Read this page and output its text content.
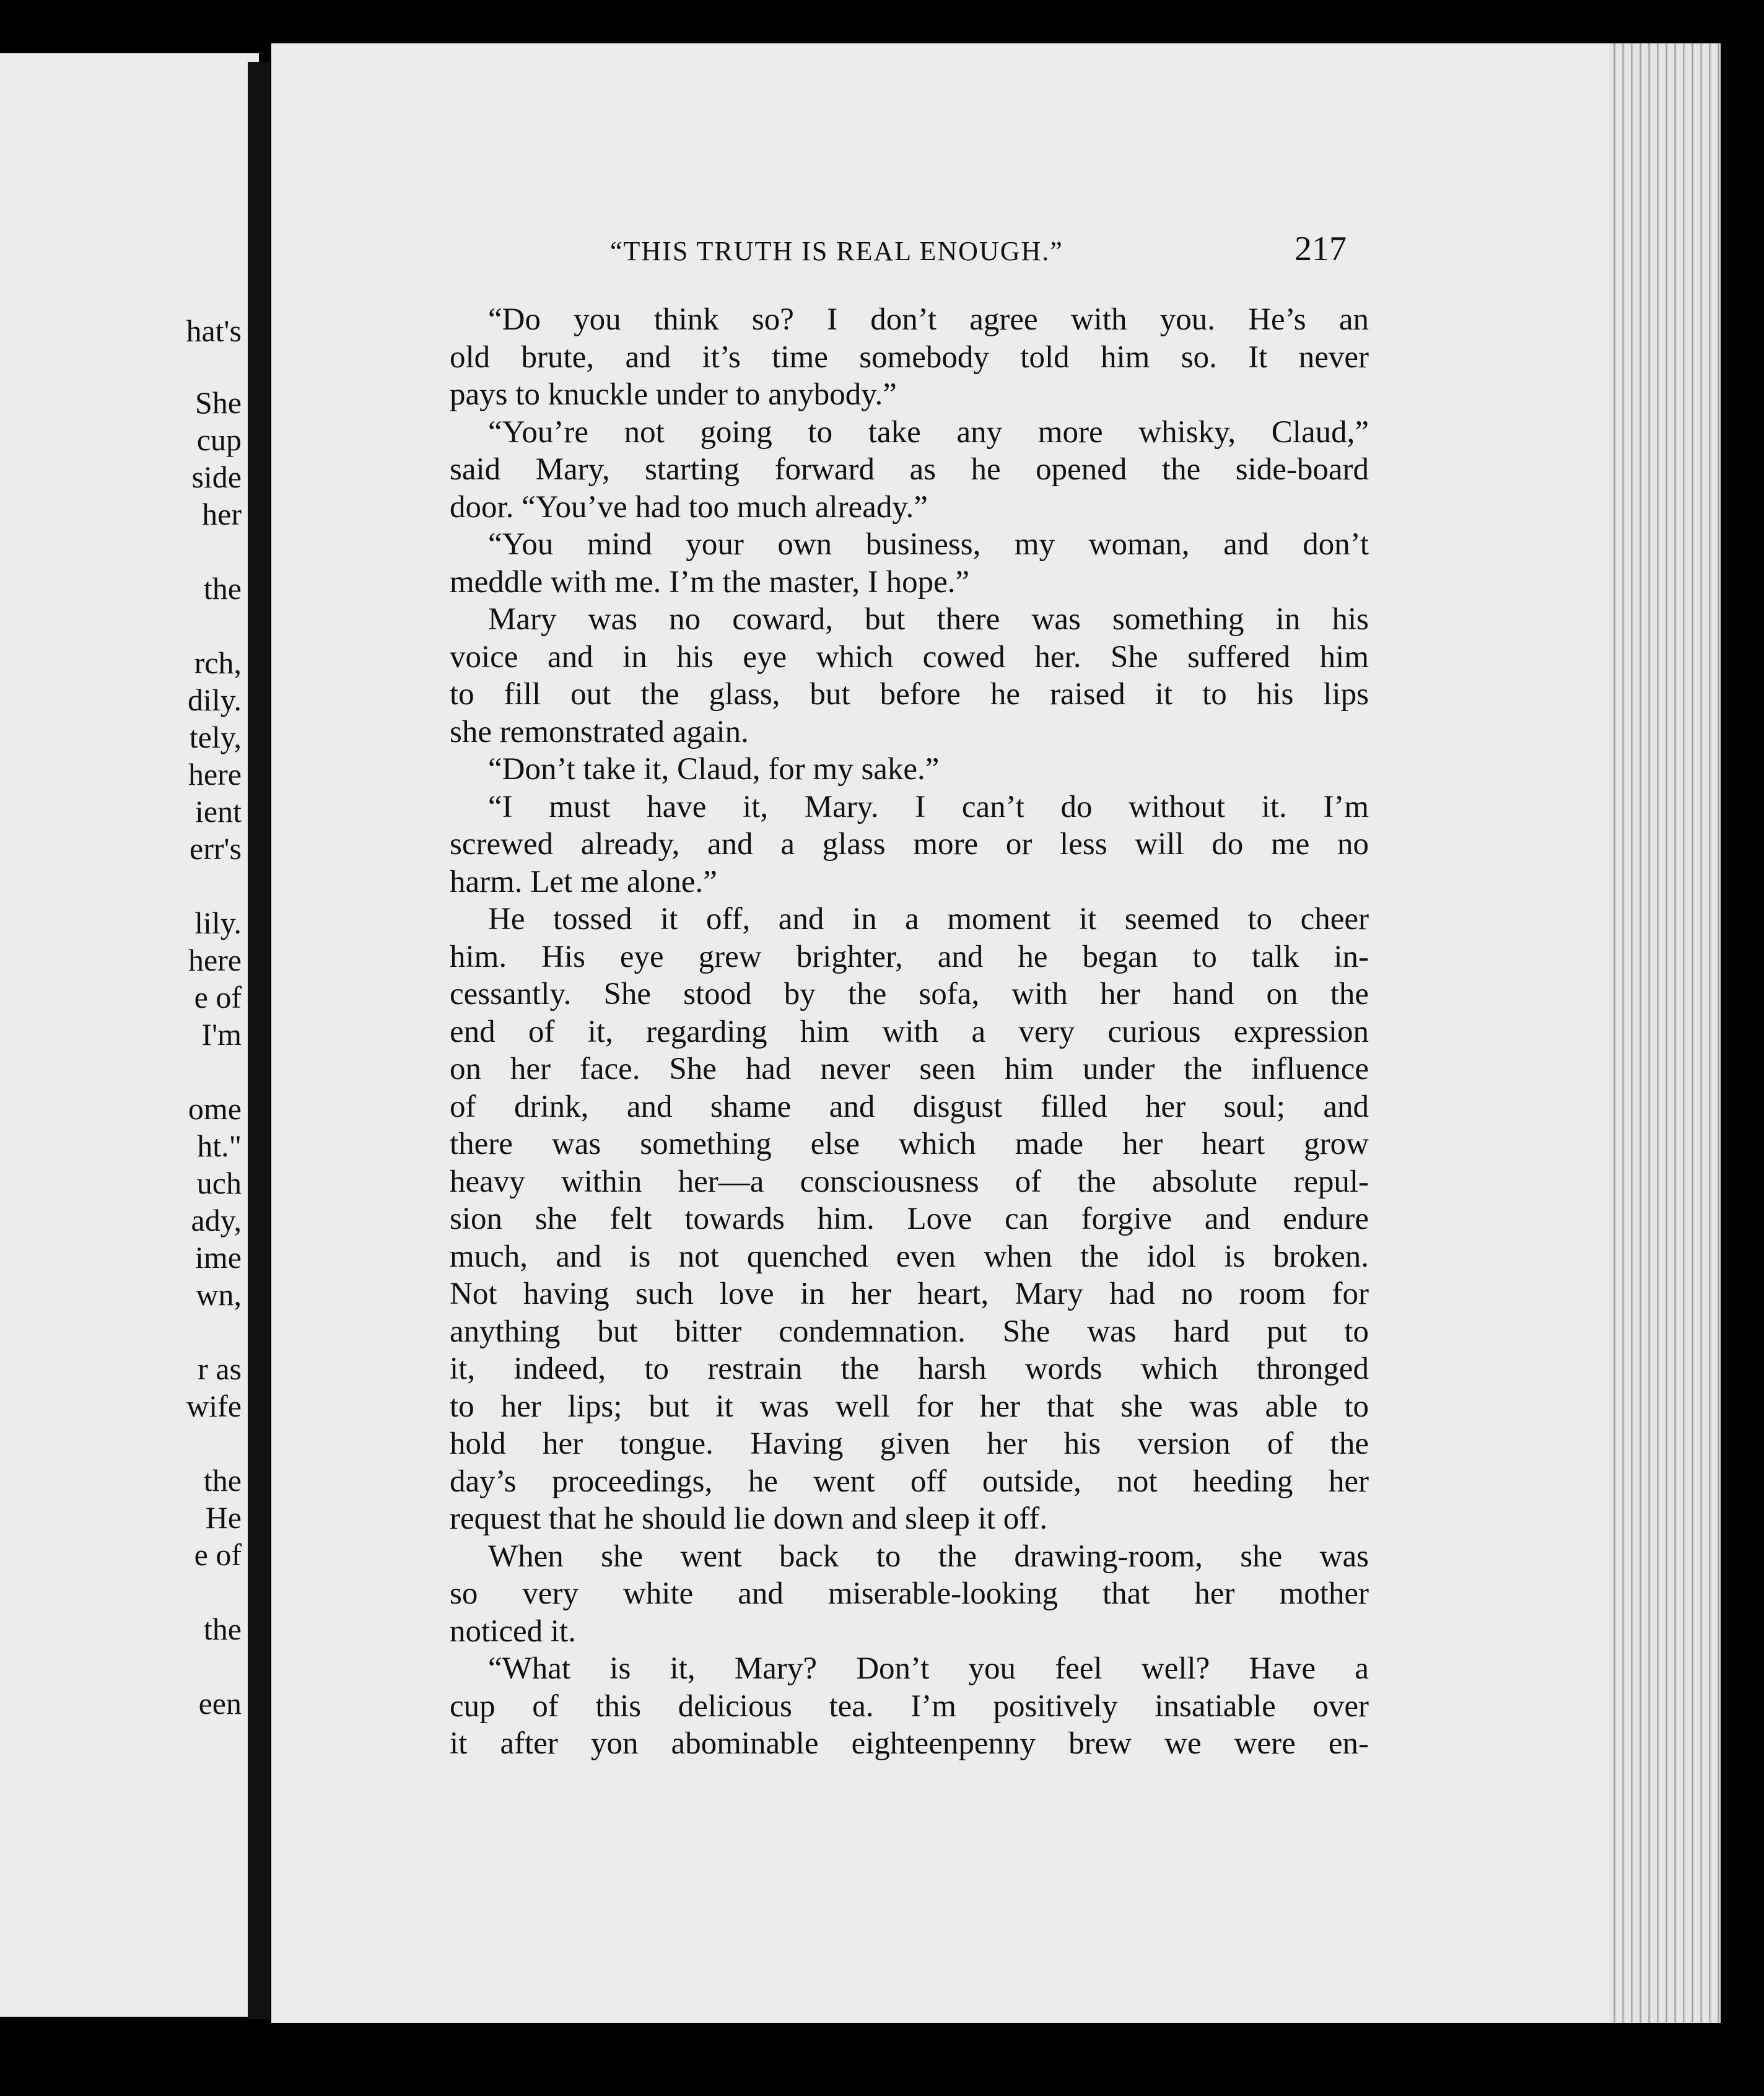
hat's
She
cup
side
her
the
rch,
dily.
tely,
here
ient
err's
lily.
here
e of
I'm
ome
ht."
uch
ady,
ime
wn,
r as
wife
the
He
e of
the
een
“THIS TRUTH IS REAL ENOUGH.”	217
“Do you think so? I don’t agree with you. He’s an
old brute, and it’s time somebody told him so. It never
pays to knuckle under to anybody.”
“You’re not going to take any more whisky, Claud,”
said Mary, starting forward as he opened the side-board
door. “You’ve had too much already.”
“You mind your own business, my woman, and don’t
meddle with me. I’m the master, I hope.”
Mary was no coward, but there was something in his
voice and in his eye which cowed her. She suffered him
to fill out the glass, but before he raised it to his lips
she remonstrated again.
“Don’t take it, Claud, for my sake.”
“I must have it, Mary. I can’t do without it. I’m
screwed already, and a glass more or less will do me no
harm. Let me alone.”
He tossed it off, and in a moment it seemed to cheer
him. His eye grew brighter, and he began to talk in-
cessantly. She stood by the sofa, with her hand on the
end of it, regarding him with a very curious expression
on her face. She had never seen him under the influence
of drink, and shame and disgust filled her soul; and
there was something else which made her heart grow
heavy within her—a consciousness of the absolute repul-
sion she felt towards him. Love can forgive and endure
much, and is not quenched even when the idol is broken.
Not having such love in her heart, Mary had no room for
anything but bitter condemnation. She was hard put to
it, indeed, to restrain the harsh words which thronged
to her lips; but it was well for her that she was able to
hold her tongue. Having given her his version of the
day’s proceedings, he went off outside, not heeding her
request that he should lie down and sleep it off.
When she went back to the drawing-room, she was
so very white and miserable-looking that her mother
noticed it.
“What is it, Mary? Don’t you feel well? Have a
cup of this delicious tea. I’m positively insatiable over
it after yon abominable eighteenpenny brew we were en-
